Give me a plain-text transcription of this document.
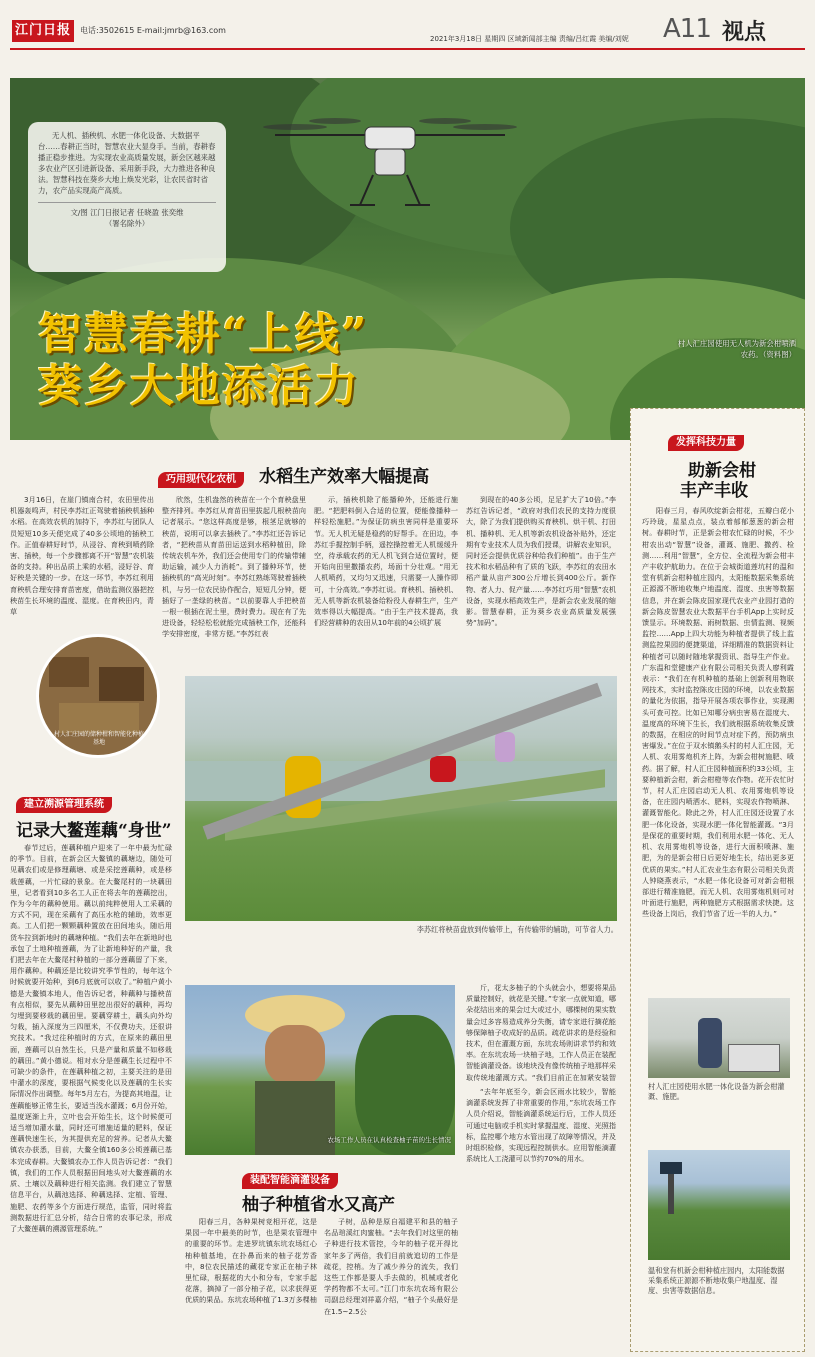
江门日报	电话:3502615 E-mail:jmrb@163.com
2021年3月18日 星期四 区域新闻部主编 责编/吕红霞 美编/刘妮 A11 视点
无人机、插秧机、水肥一体化设备、大数据平台……春耕正当时，智慧农业大显身手。当前，春耕春播正稳步推进。为实现农业高质量发展，新会区越来越多农业产区引进新设备、采用新手段，大力推进各种良法。智慧科技在葵乡大地上焕发光彩，让农民省时省力，农产品实现高产高质。
文/图 江门日报记者 任晓盈 张奕维
（署名除外）
智慧春耕“上线”
葵乡大地添活力
村人汇庄园使用无人机为新会柑喷洒农药。（资料图）
巧用现代化农机 水稻生产效率大幅提高

3月16日，在崖门镇南合村，农田里传出机器轰鸣声，村民李苏红正驾驶着插秧机插种水稻。在高效农机的加持下，李苏红与团队人员短短10多天便完成了40多公顷地的插秧工作。正值春耕好时节，从浸谷、育秧到喷药除害、插秧，每一个步骤都离不开“智慧”农机装备的支持。种出品质上乘的水稻，浸好谷、育好秧是关键的一步。在这一环节，李苏红利用育秧机合理安排育苗密度，借助监测仪器把控秧苗生长环境的温度、湿度。在育秧田内，青草

欣然，生机盎然的秧苗在一个个育秧盘里整齐排列。李苏红从育苗田里拔起几根秧苗向记者展示。“您这样高度是够，根茎足就够的秧苗，说明可以拿去插秧了。”李苏红还告诉记者，“把秧苗从育苗田运送到水稻种植田，除传统农机车外，我们还会使用专门的传输带辅助运输，减少人力消耗”。到了播种环节，使插秧机的“高光时刻”。李苏红熟练驾驶着插秧机，与另一位农民协作配合，短短几分钟，便插好了一垄绿的秧苗。“以前要靠人手把秧苗一根一根插在泥土里，费时费力。现在有了先进设备，轻轻松松就能完成插秧工作，还能科学安排密度，非常方便。”李苏红表

示，插秧机除了能播种外，还能进行施肥。“把肥料倒入合适的位置，便能像播种一样轻松施肥。”为保证防病虫害同样是重要环节。无人机无疑是稳药的好帮手。在田边，李苏红手握控制手柄，遥控操控着无人机缓缓升空，待承载农药的无人机飞到合适位置时，便开始向田里撒播农药，场面十分壮观。“用无人机喷药，又均匀又迅速，只需要一人操作即可，十分高效。”李苏红说。育秧机、插秧机、无人机等新农机装备给粉役人春耕生产，生产效率得以大幅提高。“由于生产技术提高，我们经营耕种的农田从10年前的4公顷扩展

到现在的40多公顷，足足扩大了10倍。”李苏红告诉记者，“政府对我们农民的支持力度很大，除了为我们提供购买育秧机、烘干机、打田机、播种机、无人机等新农机设备补贴外，还定期有专业技术人员为我们授课，讲解农业知识，同时还会提供优质谷种给我们种植”。由于生产技术和水稻品种有了质的飞跃，李苏红的农田水稻产量从亩产300公斤增长到400公斤。新作物、者人力、促产量……李苏红巧用“智慧”农机设备，实现水稻高效生产，是新会农业发展的缩影。智慧春耕，正为葵乡农业高质量发展强势“加码”。

村人汇庄园的储种柑和智能化种植基地
李苏红将秧苗盘放到传输带上，有传输带的辅助，可节省人力。
建立溯源管理系统
记录大鳌莲藕“身世”

春节过后，莲藕种植户迎来了一年中最为忙碌的季节。目前，在新会区大鳌镇的藕塘边，随处可见藕农们或是修理藕塘、或是采挖莲藕种，或是移栽莲藕，一片忙碌的景象。在大鳌尾村的一块藕田里，记者看到10多名工人正在将去年的莲藕挖出，作为今年的藕种使用。藕以前纯粹使用人工采藕的方式不同，现在采藕有了高压水枪的辅助，效率更高。工人们把一颗颗藕种置放在田间地头，随后用货车拉到新地时的藕塘种植。“我们去年在新地时也承包了土地种植莲藕，为了让新地种好的产量，我们把去年在大鳌尾村种植的一部分莲藕留了下来，用作藕种。种藕还是比较讲究季节性的，每年这个时候就要开始种，到6月底就可以收了。”种植户黄小德是大鳌镇本地人，他告诉记者，种藕种与播秧苗有点相似，要先从藕种田里挖出很好的藕种，再均匀埋到要移栽的藕田里。要藕穿耕土，藕头向外均匀栽，插入深度为三四厘米，不仅费功夫，还很讲究技术。“我过往种植时的方式，在原来的藕田里面，莲藕可以自然生长，只是产量和质量不如移栽的藕田。”黄小德说。相对水分是莲藕生长过程中不可缺少的条件，在莲藕种植之初，主要关注的是田中灌水的深度，要根据气候变化以及莲藕的生长实际情况作出调整。每年5月左右，为提高其地温，让莲藕能够正常生长，要适当浅水灌溉；6月份开始，温度逐渐上升，立叶也会开始生长，这个时候便可适当增加灌水量，同时还可增施适量的肥料，保证莲藕快速生长，为其提供充足的营养。记者从大鳌镇农办获悉，目前，大鳌全镇160多公顷莲藕已基本完成春耕。大鳌镇农办工作人员告诉记者：“我们镇，我们的工作人员根据田间地头对大鳌莲藕的水质、土壤以及藕种进行相关监测。我们建立了智慧信息平台，从藕池选择、种藕选择、定植、管理、施肥、农药等多个方面进行规范，监管，同时将监测数据进行汇总分析，结合日常的农事记录，形成了大鳌莲藕的溯源管理系统。”

农场工作人员在认真检查柚子苗的生长情况

斤，花太多柚子的个头就会小，想要将果品质量控制好，就花是关键。”专家一点就知道，哪朵花结出来的果会过大或过小，哪棵树的果实数量会过多容易造成养分失衡，请专家进行摘花能够保障柚子收成好的品质。疏花讲求的是经验和技术，但在灌溉方面，东坑农场则讲求节约和效率。在东坑农场一块柚子地，工作人员正在装配智能滴灌设备。该地块没有像传统柚子地那样采取传统地灌溉方式。“我们目前正在加紧安装智

装配智能滴灌设备
柚子种植省水又高产

阳春三月，各种果树竞相开花，这是果园一年中最美的时节，也是果农管理中的重要的环节。走进罗坑镇东坑农场红心柚种植基地，在扑鼻而来的柚子花芳香中，8位农民描述的藏花专家正在柚子林里忙碌，根据花的大小和分布，专家手起花落，摘掉了一部分柚子花，以求获得更优质的果品。东坑农场种植了1.3万多棵柚

子树，品种是原自福建平和县的柚子名品琯溪红肉蜜柚。“去年我们对这里的柚子种进行技术管控，今年的柚子花开得比家年多了两倍，我们目前就追切的工作是疏花，控梢。为了减少养分的流失，我们这些工作都是要人手去做的，机械或者化学药物都不太可。”江门市东坑农场有限公司副总经理刘祥嘉介绍，“柚子个头最好是在1.5~2.5公

“去年年底至今，新会区雨水比较少，智能滴灌系统发挥了非常重要的作用，”东坑农场工作人员介绍说，智能滴灌系统运行后，工作人员还可通过电脑或手机实时掌握温度、湿度、光照指标，监控哪个地方水管出现了故障等情况，并及时组织检修，实现远程控制供水。应用智能滴灌系统比人工浇灌可以节约70%的用水。

发挥科技力量
助新会柑
丰产丰收

阳春三月，春风吹绽新会柑花，五瓣白花小巧玲珑，星星点点，装点着郁郁葱葱的新会柑树。春耕时节，正是新会柑农忙碌的时候，不少柑农出动“智慧”设备，灌溉、施肥、撒药、检测……利用“智慧”，全方位、全流程为新会柑丰产丰收护航助力。在位于会城街道莲坑村的温和堂有机新会柑种植庄园内，太阳能数据采集系统正源源不断地收集户地温度、湿度、虫害等数据信息，并在新会陈皮国家现代农业产业园打造的新会陈皮智慧农业大数据平台手机App上实时反馈显示。环境数据、雨树数据、虫情监测、视频监控……App上四大功能为种植者提供了线上监测监控果园的便捷渠道，详细精准的数据资料让种植者可以随时随地掌握资讯、指导生产作业。广东温和堂健康产业有限公司相关负责人廖利霞表示：“我们在有机种植的基础上创新利用物联网技术，实时监控陈皮庄园的环境，以农业数据的量化为依据，指导开展各项农事作业，实现溯头可查可控。比如已知哪分病虫害易在湿度大、温度高的环境下生长，我们就根据系统收集反馈的数据，在相应的时间节点对症下药，预防病虫害爆发。”在位于双水镇鹅头村的村人汇庄园，无人机、农用雾炮机齐上阵，为新会柑树施肥、喷药。据了解，村人汇庄园种植面积约33公顷，主要种植新会柑，新会柑橙等农作物。花开农忙时节，村人汇庄园启动无人机、农用雾炮机等设备，在庄园内喷洒水、肥料，实现农作物喷淋、灌溉智能化。除此之外，村人汇庄园还设置了水肥一体化设备，实现水肥一体化智能灌溉。“3月是保花的重要时期，我们利用水肥一体化、无人机、农用雾炮机等设备，进行大面积喷淋、施肥，为的是新会柑日后更好地生长，结出更多更优质的果实。”村人汇农业生态有限公司相关负责人钟晓燕表示，“水肥一体化设备可对新会柑根部进行精准施肥，而无人机、农用雾炮机则可对叶面进行施肥，两种施肥方式根据需求快捷。这些设备上岗后，我们节省了近一半的人力。”

村人汇庄园使用水肥一体化设备为新会柑灌溉、施肥。
温和堂有机新会柑种植庄园内，太阳能数据采集系统正源源不断地收集户地温度、湿度、虫害等数据信息。
